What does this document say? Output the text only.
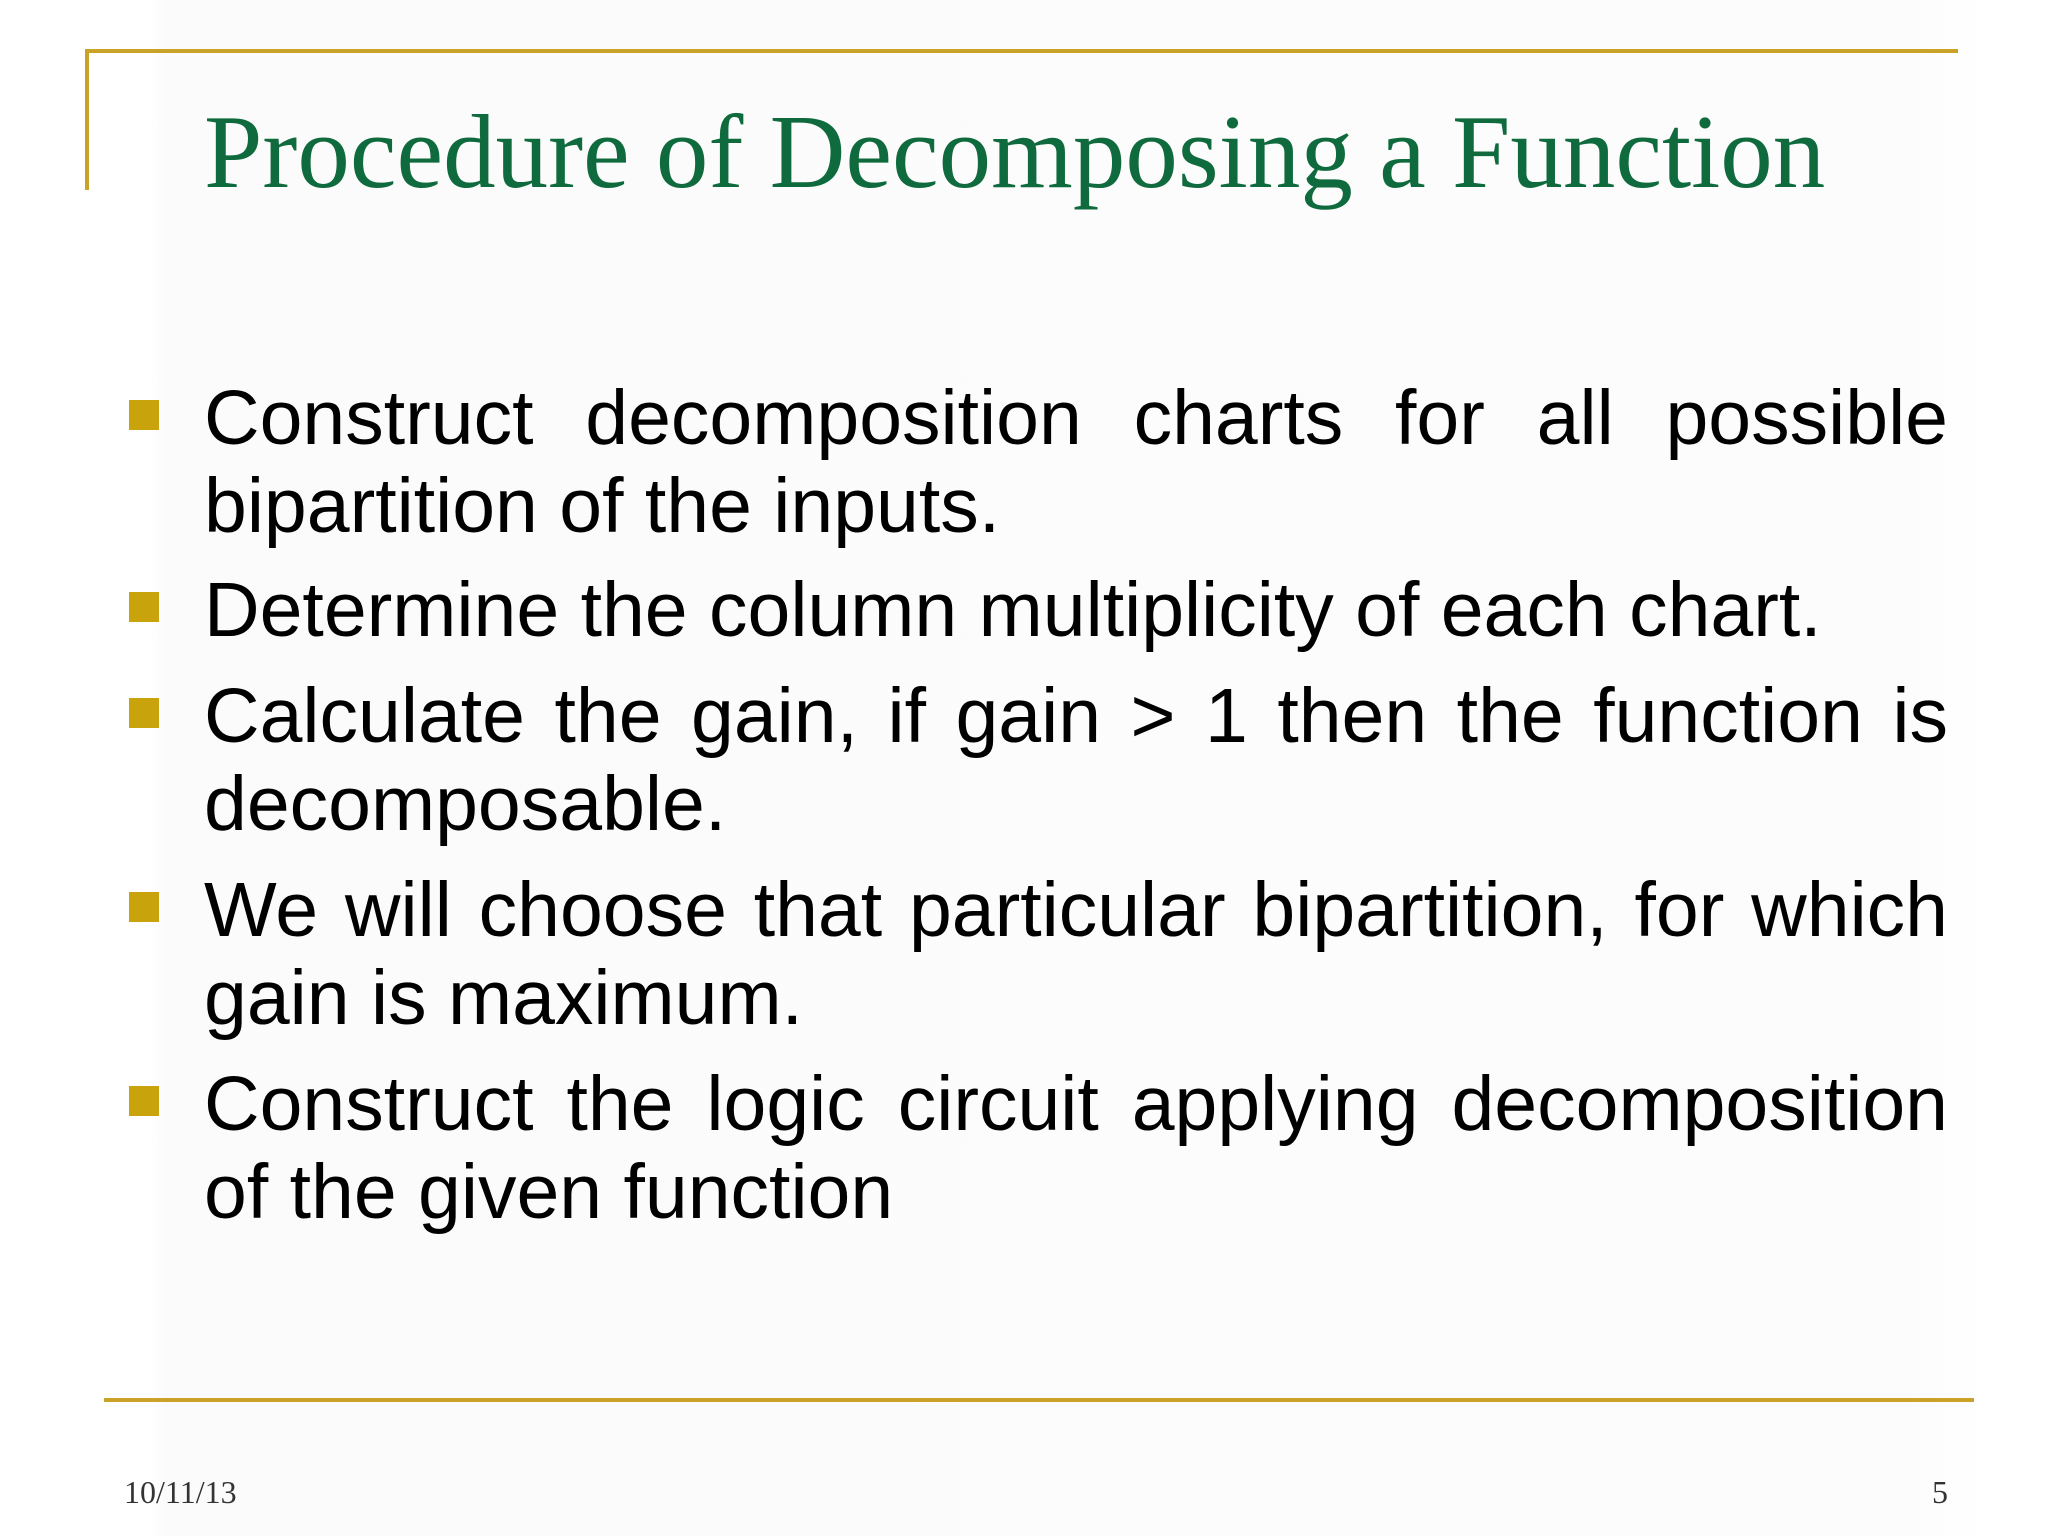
Procedure of Decomposing a Function
Construct decomposition charts for all possible bipartition of the inputs.
Determine the column multiplicity of each chart.
Calculate the gain, if gain > 1 then the function is decomposable.
We will choose that particular bipartition, for which gain is maximum.
Construct the logic circuit applying decomposition of the given function
10/11/13	5
